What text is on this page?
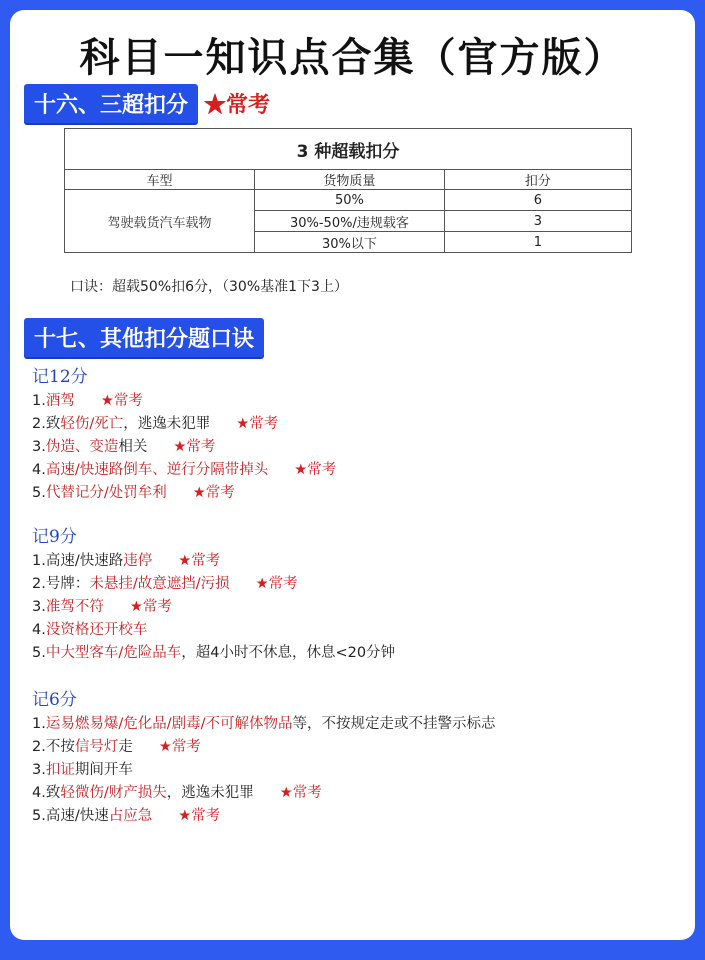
科目一知识点合集（官方版）
十六、三超扣分 ★常考
3 种超载扣分		
车型	货物质量	扣分
驾驶载货汽车载物	50%	6
	30%-50%/违规载客	3
	30%以下	1
口诀：超载50%扣6分，（30%基准1下3上）
十七、其他扣分题口诀
记12分
1.酒驾 ★常考
2.致轻伤/死亡，逃逸未犯罪 ★常考
3.伪造、变造相关 ★常考
4.高速/快速路倒车、逆行分隔带掉头 ★常考
5.代替记分/处罚牟利 ★常考
记9分
1.高速/快速路违停 ★常考
2.号牌：未悬挂/故意遮挡/污损 ★常考
3.准驾不符 ★常考
4.没资格还开校车
5.中大型客车/危险品车，超4小时不休息，休息<20分钟
记6分
1.运易燃易爆/危化品/剧毒/不可解体物品等，不按规定走或不挂警示标志
2.不按信号灯走 ★常考
3.扣证期间开车
4.致轻微伤/财产损失，逃逸未犯罪 ★常考
5.高速/快速占应急 ★常考
